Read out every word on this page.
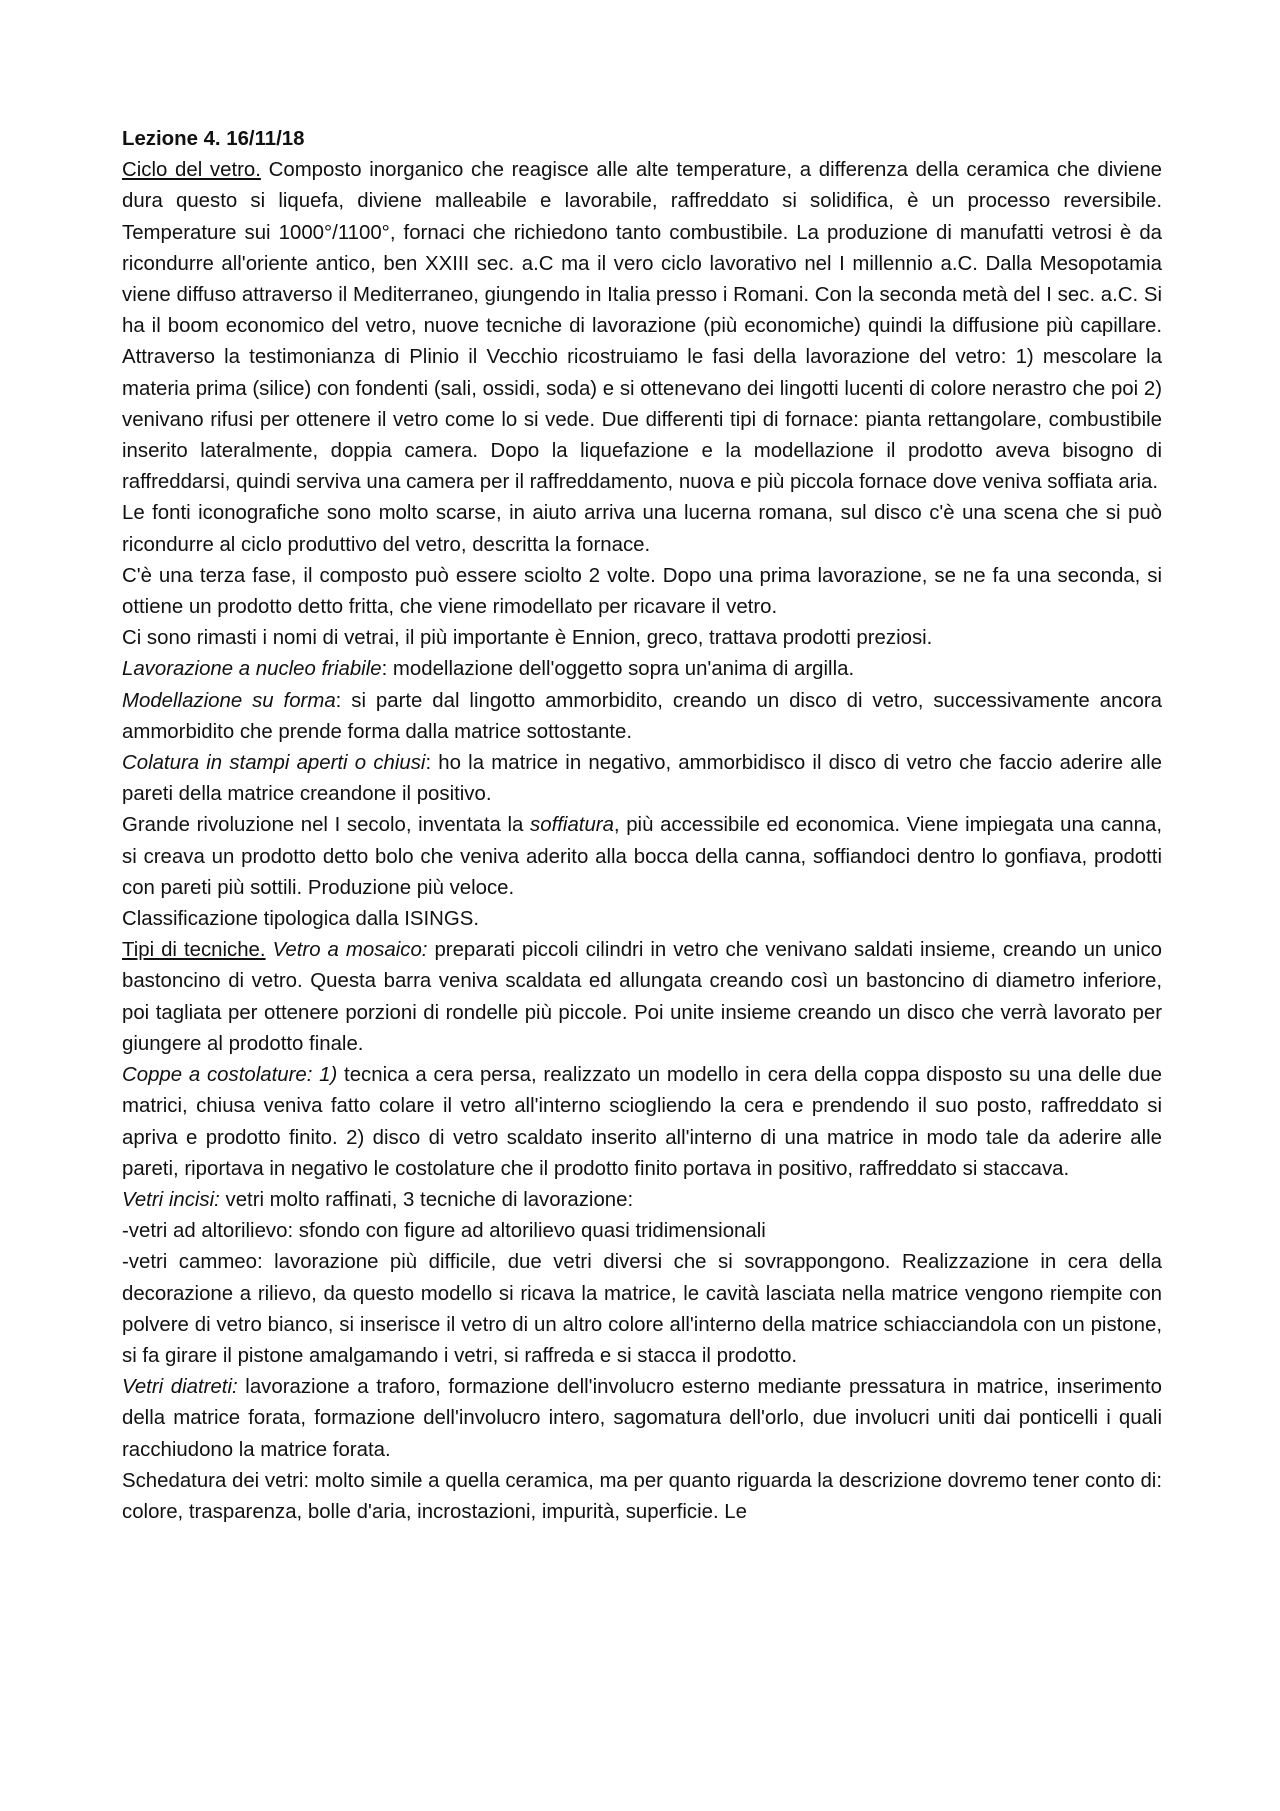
Lezione 4. 16/11/18

Ciclo del vetro. Composto inorganico che reagisce alle alte temperature, a differenza della ceramica che diviene dura questo si liquefa, diviene malleabile e lavorabile, raffreddato si solidifica, è un processo reversibile. Temperature sui 1000°/1100°, fornaci che richiedono tanto combustibile. La produzione di manufatti vetrosi è da ricondurre all'oriente antico, ben XXIII sec. a.C ma il vero ciclo lavorativo nel I millennio a.C. Dalla Mesopotamia viene diffuso attraverso il Mediterraneo, giungendo in Italia presso i Romani. Con la seconda metà del I sec. a.C. Si ha il boom economico del vetro, nuove tecniche di lavorazione (più economiche) quindi la diffusione più capillare. Attraverso la testimonianza di Plinio il Vecchio ricostruiamo le fasi della lavorazione del vetro: 1) mescolare la materia prima (silice) con fondenti (sali, ossidi, soda) e si ottenevano dei lingotti lucenti di colore nerastro che poi 2) venivano rifusi per ottenere il vetro come lo si vede. Due differenti tipi di fornace: pianta rettangolare, combustibile inserito lateralmente, doppia camera. Dopo la liquefazione e la modellazione il prodotto aveva bisogno di raffreddarsi, quindi serviva una camera per il raffreddamento, nuova e più piccola fornace dove veniva soffiata aria.

Le fonti iconografiche sono molto scarse, in aiuto arriva una lucerna romana, sul disco c'è una scena che si può ricondurre al ciclo produttivo del vetro, descritta la fornace.

C'è una terza fase, il composto può essere sciolto 2 volte. Dopo una prima lavorazione, se ne fa una seconda, si ottiene un prodotto detto fritta, che viene rimodellato per ricavare il vetro.

Ci sono rimasti i nomi di vetrai, il più importante è Ennion, greco, trattava prodotti preziosi.

Lavorazione a nucleo friabile: modellazione dell'oggetto sopra un'anima di argilla.

Modellazione su forma: si parte dal lingotto ammorbidito, creando un disco di vetro, successivamente ancora ammorbidito che prende forma dalla matrice sottostante.

Colatura in stampi aperti o chiusi: ho la matrice in negativo, ammorbidisco il disco di vetro che faccio aderire alle pareti della matrice creandone il positivo.

Grande rivoluzione nel I secolo, inventata la soffiatura, più accessibile ed economica. Viene impiegata una canna, si creava un prodotto detto bolo che veniva aderito alla bocca della canna, soffiandoci dentro lo gonfiava, prodotti con pareti più sottili. Produzione più veloce.

Classificazione tipologica dalla ISINGS.

Tipi di tecniche. Vetro a mosaico: preparati piccoli cilindri in vetro che venivano saldati insieme, creando un unico bastoncino di vetro. Questa barra veniva scaldata ed allungata creando così un bastoncino di diametro inferiore, poi tagliata per ottenere porzioni di rondelle più piccole. Poi unite insieme creando un disco che verrà lavorato per giungere al prodotto finale.

Coppe a costolature: 1) tecnica a cera persa, realizzato un modello in cera della coppa disposto su una delle due matrici, chiusa veniva fatto colare il vetro all'interno sciogliendo la cera e prendendo il suo posto, raffreddato si apriva e prodotto finito. 2) disco di vetro scaldato inserito all'interno di una matrice in modo tale da aderire alle pareti, riportava in negativo le costolature che il prodotto finito portava in positivo, raffreddato si staccava.

Vetri incisi: vetri molto raffinati, 3 tecniche di lavorazione:

-vetri ad altorilievo: sfondo con figure ad altorilievo quasi tridimensionali

-vetri cammeo: lavorazione più difficile, due vetri diversi che si sovrappongono. Realizzazione in cera della decorazione a rilievo, da questo modello si ricava la matrice, le cavità lasciata nella matrice vengono riempite con polvere di vetro bianco, si inserisce il vetro di un altro colore all'interno della matrice schiacciandola con un pistone, si fa girare il pistone amalgamando i vetri, si raffreda e si stacca il prodotto.

Vetri diatreti: lavorazione a traforo, formazione dell'involucro esterno mediante pressatura in matrice, inserimento della matrice forata, formazione dell'involucro intero, sagomatura dell'orlo, due involucri uniti dai ponticelli i quali racchiudono la matrice forata.

Schedatura dei vetri: molto simile a quella ceramica, ma per quanto riguarda la descrizione dovremo tener conto di: colore, trasparenza, bolle d'aria, incrostazioni, impurità, superficie. Le
